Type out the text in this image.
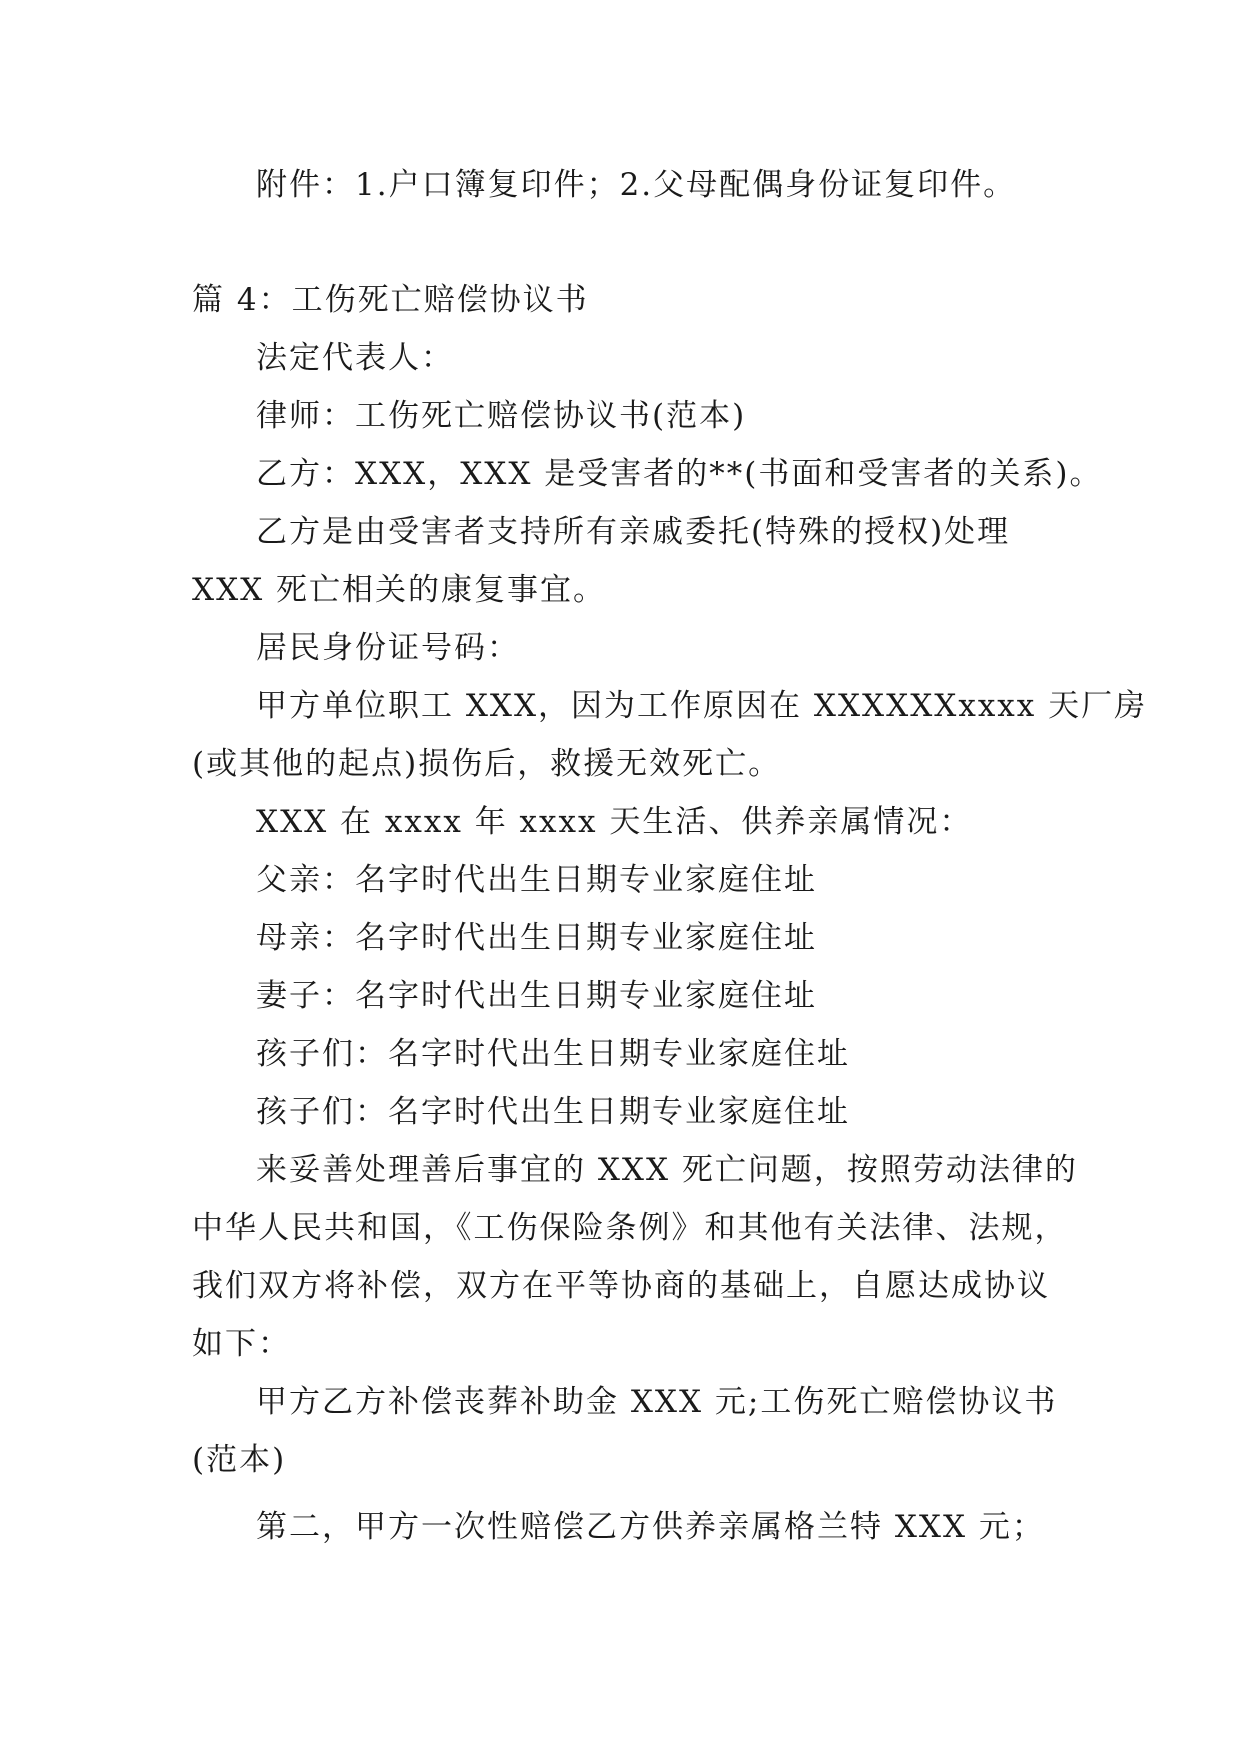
附件：1.户口簿复印件；2.父母配偶身份证复印件。
篇 4：工伤死亡赔偿协议书
法定代表人：
律师：工伤死亡赔偿协议书(范本)
乙方：XXX，XXX 是受害者的**(书面和受害者的关系)。
乙方是由受害者支持所有亲戚委托(特殊的授权)处理
XXX 死亡相关的康复事宜。
居民身份证号码：
甲方单位职工 XXX，因为工作原因在 XXXXXXxxxx 天厂房
(或其他的起点)损伤后，救援无效死亡。
XXX 在 xxxx 年 xxxx 天生活、供养亲属情况：
父亲：名字时代出生日期专业家庭住址
母亲：名字时代出生日期专业家庭住址
妻子：名字时代出生日期专业家庭住址
孩子们：名字时代出生日期专业家庭住址
孩子们：名字时代出生日期专业家庭住址
来妥善处理善后事宜的 XXX 死亡问题，按照劳动法律的
中华人民共和国，《工伤保险条例》和其他有关法律、法规，
我们双方将补偿，双方在平等协商的基础上，自愿达成协议
如下：
甲方乙方补偿丧葬补助金 XXX 元;工伤死亡赔偿协议书
(范本)
第二，甲方一次性赔偿乙方供养亲属格兰特 XXX 元；
